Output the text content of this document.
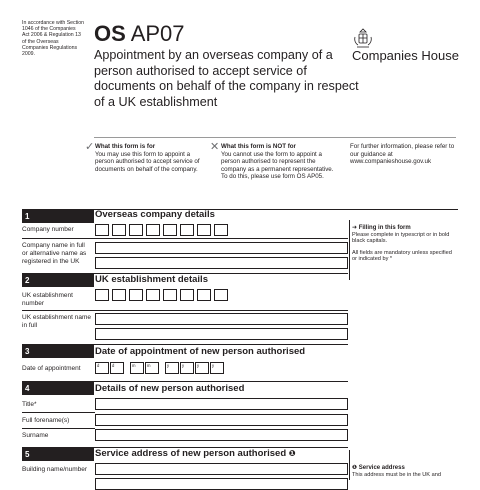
In accordance with Section 1046 of the Companies Act 2006 & Regulation 13 of the Overseas Companies Regulations 2009.
OS AP07
Appointment by an overseas company of a person authorised to accept service of documents on behalf of the company in respect of a UK establishment
Companies House
✓ What this form is for
You may use this form to appoint a person authorised to accept service of documents on behalf of the company.
✕ What this form is NOT for
You cannot use the form to appoint a person authorised to represent the company as a permanent representative. To do this, please use form OS AP05.
For further information, please refer to our guidance at www.companieshouse.gov.uk
1	Overseas company details
Company number
Company name in full or alternative name as registered in the UK
➜ Filling in this form
Please complete in typescript or in bold black capitals.
All fields are mandatory unless specified or indicated by *
2	UK establishment details
UK establishment number
UK establishment name in full
3	Date of appointment of new person authorised
Date of appointment	d	d	m	m	y	y	y	y
4	Details of new person authorised
Title*
Full forename(s)
Surname
5	Service address of new person authorised ❶
Building name/number	❶ Service address
This address must be in the UK and
